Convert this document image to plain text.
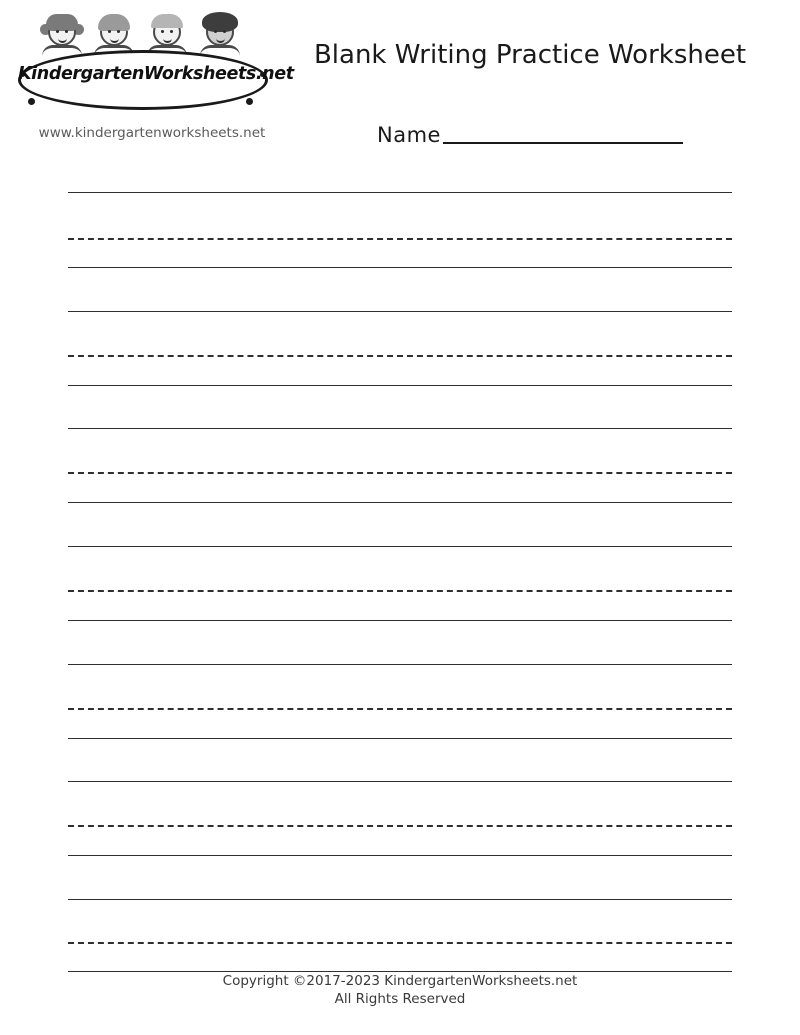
KindergartenWorksheets.net
www.kindergartenworksheets.net
Blank Writing Practice Worksheet
Name
Copyright ©2017-2023 KindergartenWorksheets.net
All Rights Reserved
